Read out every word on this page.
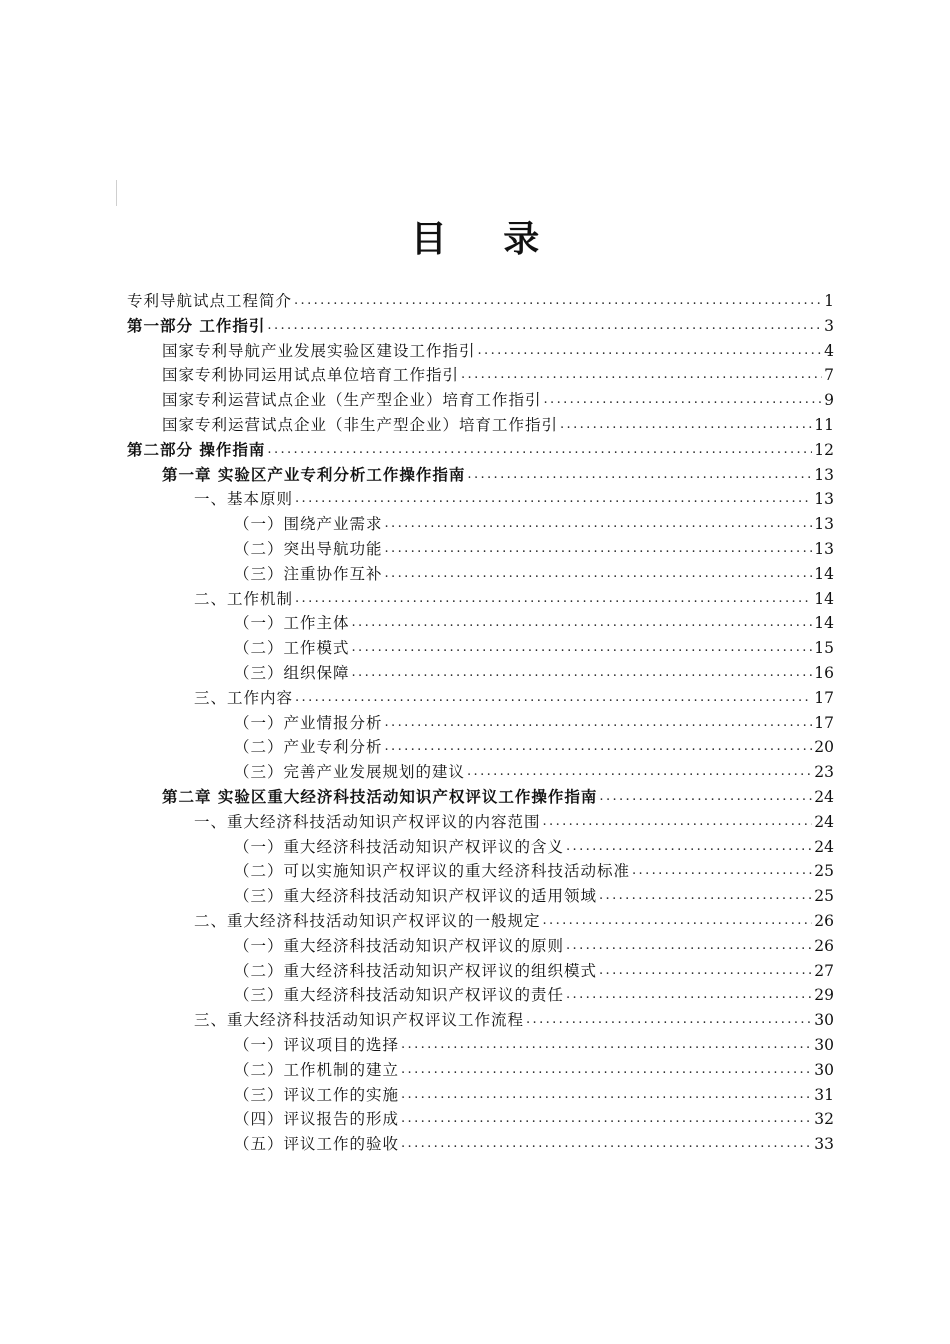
目 录
专利导航试点工程简介 .....	1
第一部分 工作指引 .....	3
国家专利导航产业发展实验区建设工作指引 .....	4
国家专利协同运用试点单位培育工作指引 .....	7
国家专利运营试点企业（生产型企业）培育工作指引 .....	9
国家专利运营试点企业（非生产型企业）培育工作指引 .....	11
第二部分 操作指南 .....	12
第一章 实验区产业专利分析工作操作指南 .....	13
一、基本原则 .....	13
（一）围绕产业需求 .....	13
（二）突出导航功能 .....	13
（三）注重协作互补 .....	14
二、工作机制 .....	14
（一）工作主体 .....	14
（二）工作模式 .....	15
（三）组织保障 .....	16
三、工作内容 .....	17
（一）产业情报分析 .....	17
（二）产业专利分析 .....	20
（三）完善产业发展规划的建议 .....	23
第二章 实验区重大经济科技活动知识产权评议工作操作指南 .....	24
一、重大经济科技活动知识产权评议的内容范围 .....	24
（一）重大经济科技活动知识产权评议的含义 .....	24
（二）可以实施知识产权评议的重大经济科技活动标准 .....	25
（三）重大经济科技活动知识产权评议的适用领域 .....	25
二、重大经济科技活动知识产权评议的一般规定 .....	26
（一）重大经济科技活动知识产权评议的原则 .....	26
（二）重大经济科技活动知识产权评议的组织模式 .....	27
（三）重大经济科技活动知识产权评议的责任 .....	29
三、重大经济科技活动知识产权评议工作流程 .....	30
（一）评议项目的选择 .....	30
（二）工作机制的建立 .....	30
（三）评议工作的实施 .....	31
（四）评议报告的形成 .....	32
（五）评议工作的验收 .....	33
